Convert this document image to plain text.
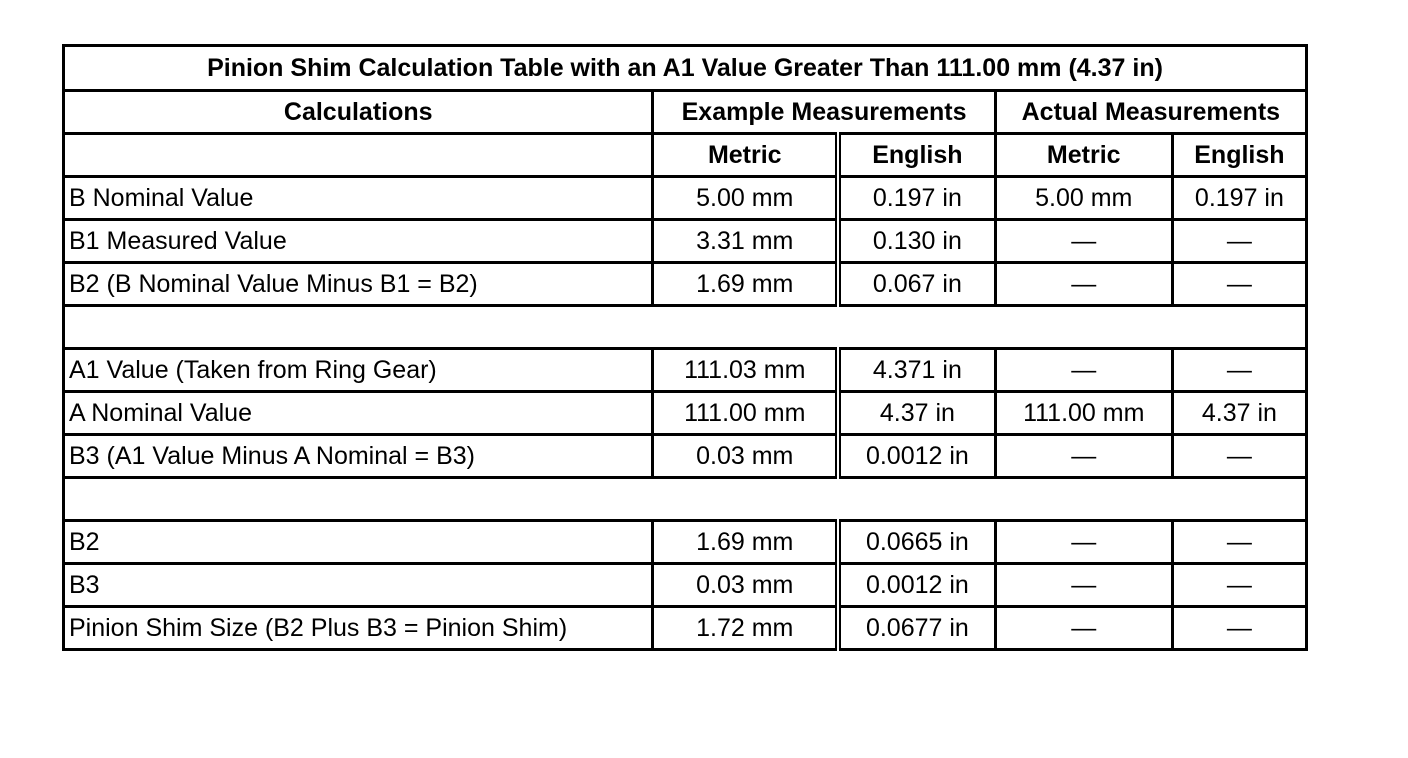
Pinion Shim Calculation Table with an A1 Value Greater Than 111.00 mm (4.37 in)				
Calculations	Example Measurements		Actual Measurements	
	Metric	English	Metric	English
B Nominal Value	5.00 mm	0.197 in	5.00 mm	0.197 in
B1 Measured Value	3.31 mm	0.130 in	—	—
B2 (B Nominal Value Minus B1 = B2)	1.69 mm	0.067 in	—	—

A1 Value (Taken from Ring Gear)	111.03 mm	4.371 in	—	—
A Nominal Value	111.00 mm	4.37 in	111.00 mm	4.37 in
B3 (A1 Value Minus A Nominal = B3)	0.03 mm	0.0012 in	—	—

B2	1.69 mm	0.0665 in	—	—
B3	0.03 mm	0.0012 in	—	—
Pinion Shim Size (B2 Plus B3 = Pinion Shim)	1.72 mm	0.0677 in	—	—
